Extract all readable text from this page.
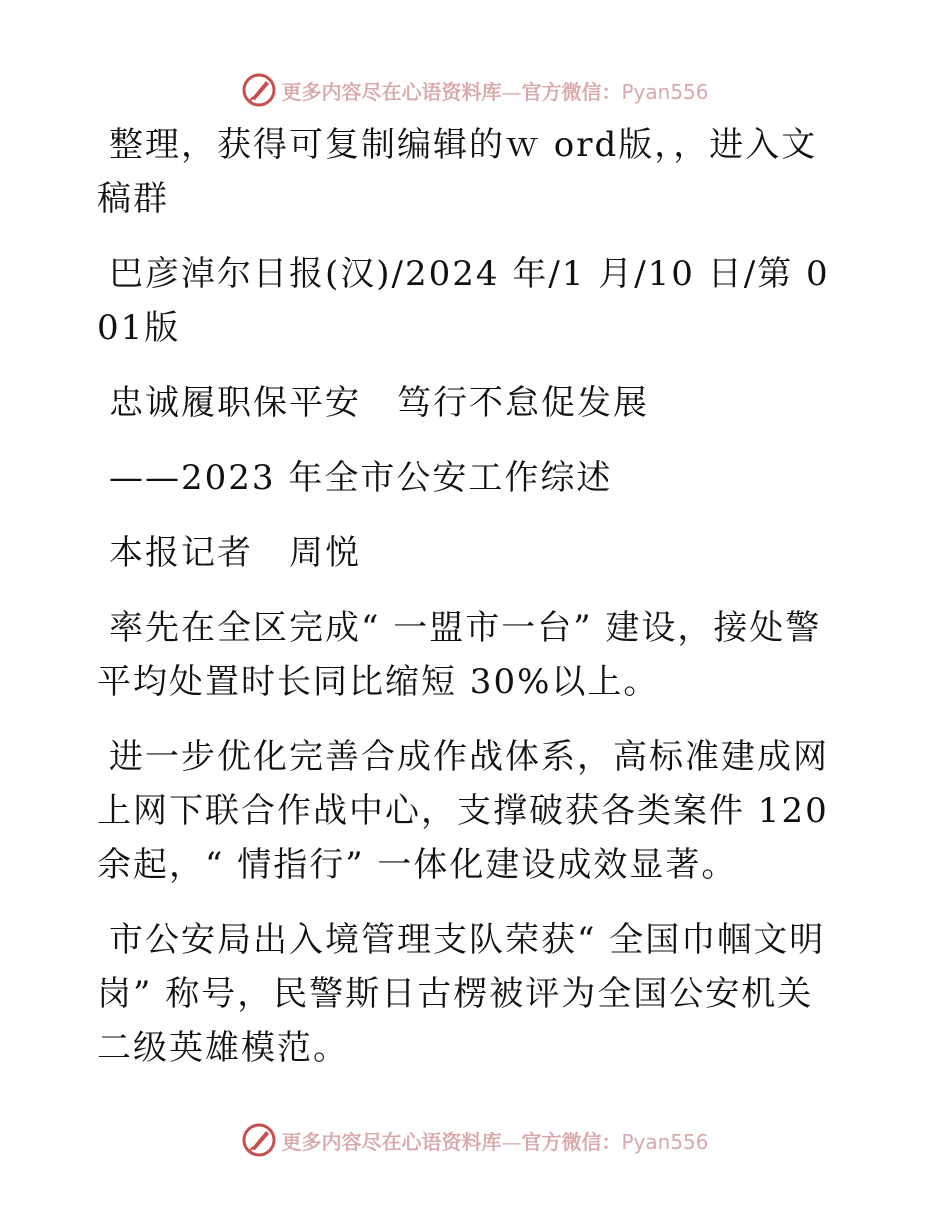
更多内容尽在心语资料库—官方微信：Pyan556

整理，获得可复制编辑的ｗ ord版，，进入文稿群

巴彦淖尔日报(汉)/2024 年/1 月/10 日/第 001版

忠诚履职保平安　笃行不怠促发展

——2023 年全市公安工作综述

本报记者　周悦

率先在全区完成“ 一盟市一台” 建设，接处警平均处置时长同比缩短 30%以上。

进一步优化完善合成作战体系，高标准建成网上网下联合作战中心，支撑破获各类案件 120余起，“ 情指行” 一体化建设成效显著。

市公安局出入境管理支队荣获“ 全国巾帼文明岗” 称号，民警斯日古楞被评为全国公安机关二级英雄模范。

更多内容尽在心语资料库—官方微信：Pyan556
